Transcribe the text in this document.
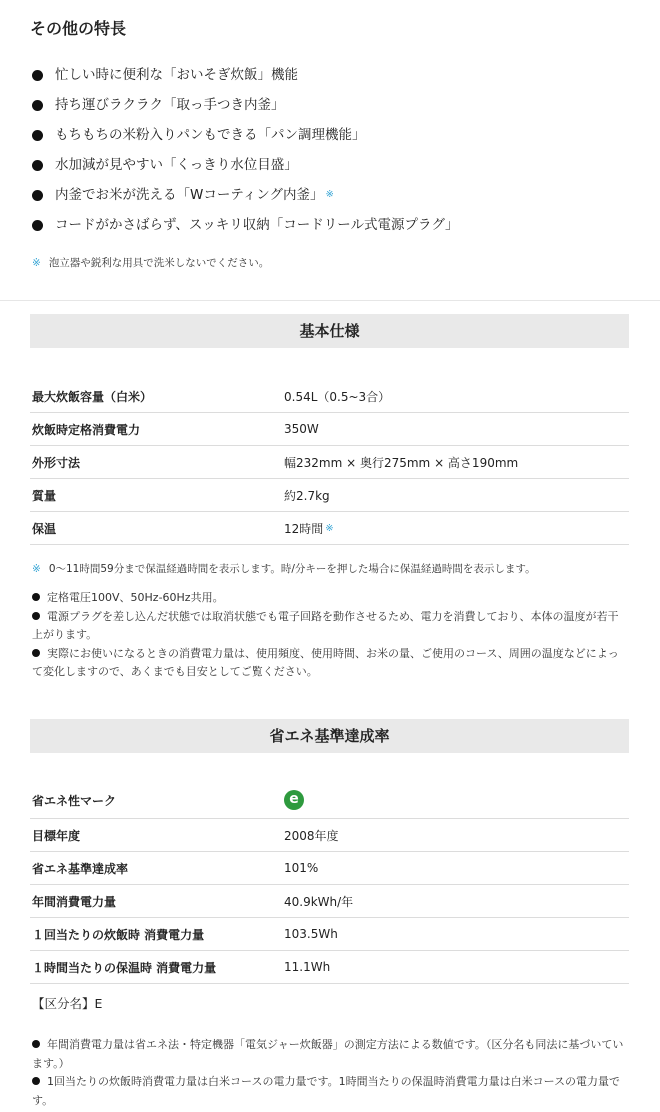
その他の特長
忙しい時に便利な「おいそぎ炊飯」機能
持ち運びラクラク「取っ手つき内釜」
もちもちの米粉入りパンもできる「パン調理機能」
水加減が見やすい「くっきり水位目盛」
内釜でお米が洗える「Wコーティング内釜」 ※
コードがかさばらず、スッキリ収納「コードリール式電源プラグ」
※ 泡立器や鋭利な用具で洗米しないでください。
基本仕様
最大炊飯容量（白米）	0.54L（0.5~3合）
炊飯時定格消費電力	350W
外形寸法	幅232mm × 奥行275mm × 高さ190mm
質量	約2.7kg
保温	12時間 ※
※ 0～11時間59分まで保温経過時間を表示します。時/分キーを押した場合に保温経過時間を表示します。

定格電圧100V、50Hz-60Hz共用。

電源プラグを差し込んだ状態では取消状態でも電子回路を動作させるため、電力を消費しており、本体の温度が若干上がります。

実際にお使いになるときの消費電力量は、使用頻度、使用時間、お米の量、ご使用のコース、周囲の温度などによって変化しますので、あくまでも目安としてご覧ください。

省エネ基準達成率
省エネ性マーク	e
目標年度	2008年度
省エネ基準達成率	101%
年間消費電力量	40.9kWh/年
１回当たりの炊飯時 消費電力量	103.5Wh
１時間当たりの保温時 消費電力量	11.1Wh
【区分名】E

年間消費電力量は省エネ法・特定機器「電気ジャー炊飯器」の測定方法による数値です。（区分名も同法に基づいています。）

1回当たりの炊飯時消費電力量は白米コースの電力量です。1時間当たりの保温時消費電力量は白米コースの電力量です。
